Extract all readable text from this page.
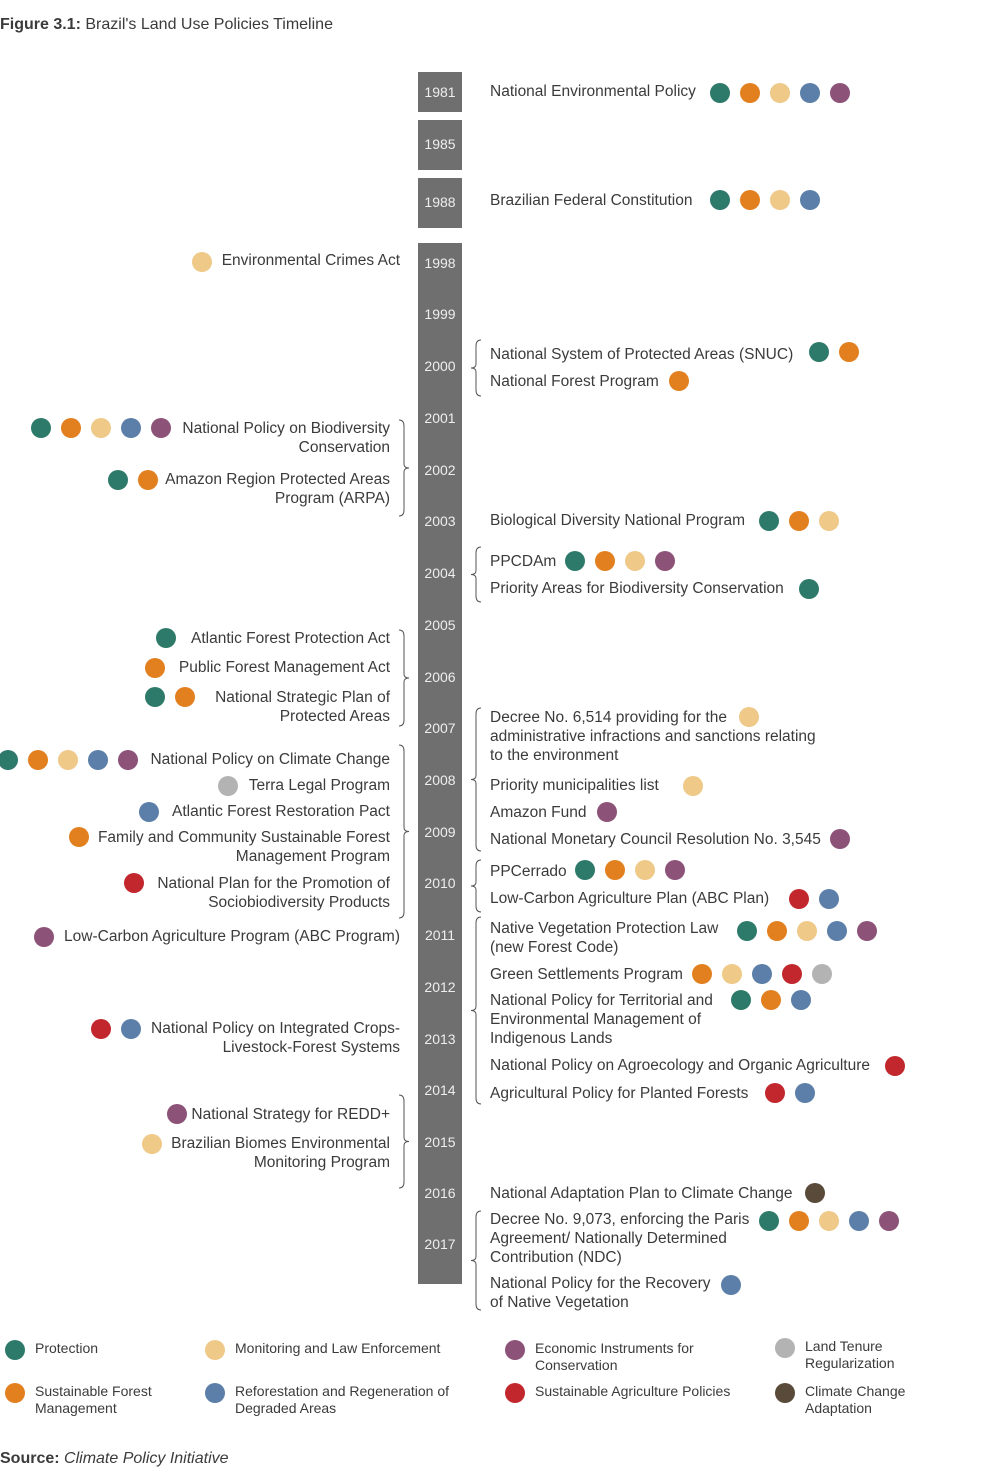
Figure 3.1: Brazil's Land Use Policies Timeline
1981
1985
1988
1998
1999
2000
2001
2002
2003
2004
2005
2006
2007
2008
2009
2010
2011
2012
2013
2014
2015
2016
2017
National Environmental Policy
Brazilian Federal Constitution
National System of Protected Areas (SNUC)
National Forest Program
Biological Diversity National Program
PPCDAm
Priority Areas for Biodiversity Conservation
Decree No. 6,514 providing for the
administrative infractions and sanctions relating
to the environment
Priority municipalities list
Amazon Fund
National Monetary Council Resolution No. 3,545
PPCerrado
Low-Carbon Agriculture Plan (ABC Plan)
Native Vegetation Protection Law
(new Forest Code)
Green Settlements Program
National Policy for Territorial and
Environmental Management of
Indigenous Lands
National Policy on Agroecology and Organic Agriculture
Agricultural Policy for Planted Forests
National Adaptation Plan to Climate Change
Decree No. 9,073, enforcing the Paris
Agreement/ Nationally Determined
Contribution (NDC)
National Policy for the Recovery
of Native Vegetation
Environmental Crimes Act
National Policy on Biodiversity
Conservation
Amazon Region Protected Areas
Program (ARPA)
Atlantic Forest Protection Act
Public Forest Management Act
National Strategic Plan of
Protected Areas
National Policy on Climate Change
Terra Legal Program
Atlantic Forest Restoration Pact
Family and Community Sustainable Forest
Management Program
National Plan for the Promotion of
Sociobiodiversity Products
Low-Carbon Agriculture Program (ABC Program)
National Policy on Integrated Crops-
Livestock-Forest Systems
National Strategy for REDD+
Brazilian Biomes Environmental
Monitoring Program
Protection
Sustainable Forest
Management
Monitoring and Law Enforcement
Reforestation and Regeneration of
Degraded Areas
Economic Instruments for
Conservation
Sustainable Agriculture Policies
Land Tenure
Regularization
Climate Change
Adaptation
Source: Climate Policy Initiative
